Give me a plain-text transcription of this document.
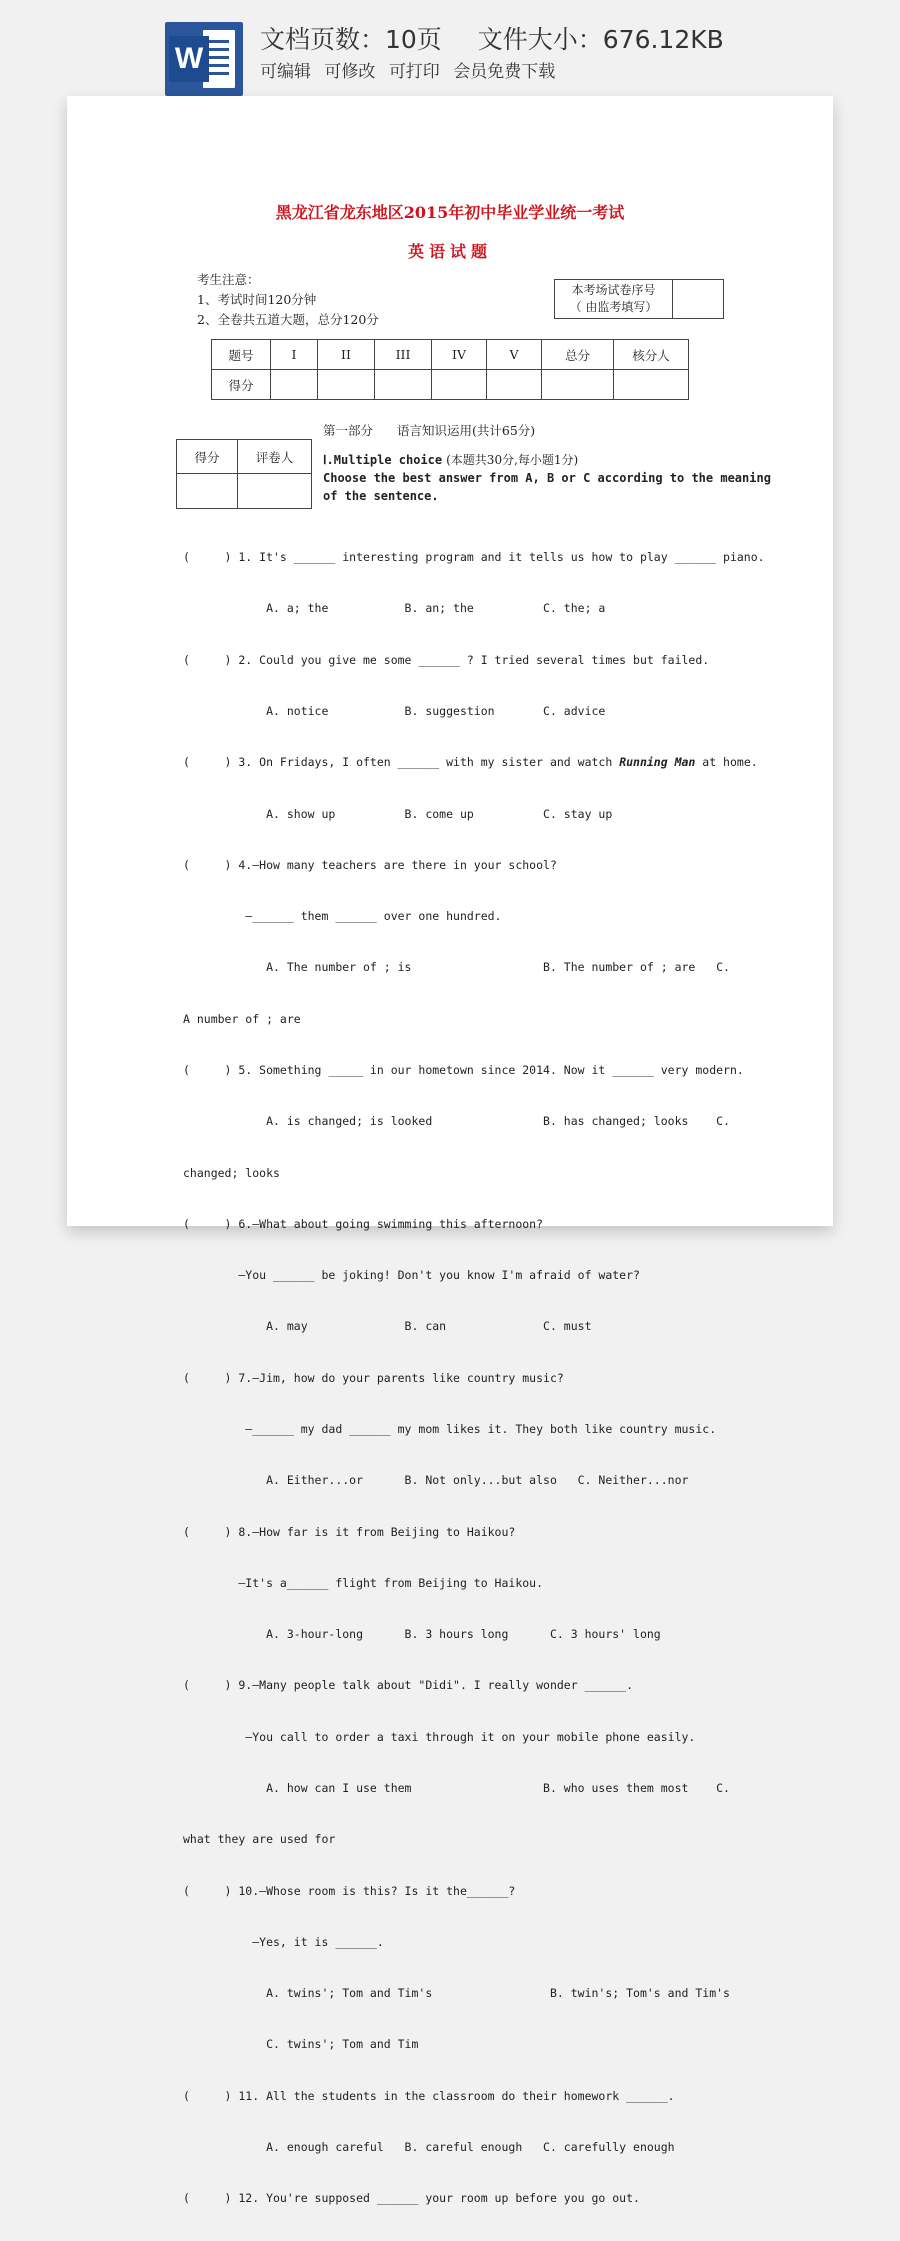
W
文档页数：10页 文件大小：676.12KB
可编辑 可修改 可打印 会员免费下载
黑龙江省龙东地区2015年初中毕业学业统一考试
英语试题
考生注意：
1、考试时间120分钟
2、全卷共五道大题，总分120分
本考场试卷序号
（ 由监考填写）
题号	I	II	III	IV	V	总分	核分人
得分							
第一部分 语言知识运用(共计65分)
得分	评卷人
	Ⅰ.Multiple choice (本题共30分,每小题1分)
Choose the best answer from A, B or C according to the meaning
of the sentence.

(     ) 1. It's ______ interesting program and it tells us how to play ______ piano.

A. a; the           B. an; the          C. the; a

(     ) 2. Could you give me some ______ ? I tried several times but failed.

A. notice           B. suggestion       C. advice

(     ) 3. On Fridays, I often ______ with my sister and watch Running Man at home.

A. show up          B. come up          C. stay up

(     ) 4.—How many teachers are there in your school?

—______ them ______ over one hundred.

A. The number of ; is                   B. The number of ; are   C.

A number of ; are

(     ) 5. Something _____ in our hometown since 2014. Now it ______ very modern.

A. is changed; is looked                B. has changed; looks    C.

changed; looks

(     ) 6.—What about going swimming this afternoon?

—You ______ be joking! Don't you know I'm afraid of water?

A. may              B. can              C. must

(     ) 7.—Jim, how do your parents like country music?

—______ my dad ______ my mom likes it. They both like country music.

A. Either...or      B. Not only...but also   C. Neither...nor

(     ) 8.—How far is it from Beijing to Haikou?

—It's a______ flight from Beijing to Haikou.

A. 3-hour-long      B. 3 hours long      C. 3 hours' long

(     ) 9.—Many people talk about "Didi". I really wonder ______.

—You call to order a taxi through it on your mobile phone easily.

A. how can I use them                   B. who uses them most    C.

what they are used for

(     ) 10.—Whose room is this? Is it the______?

—Yes, it is ______.

A. twins'; Tom and Tim's                 B. twin's; Tom's and Tim's

C. twins'; Tom and Tim

(     ) 11. All the students in the classroom do their homework ______.

A. enough careful   B. careful enough   C. carefully enough

(     ) 12. You're supposed ______ your room up before you go out.
